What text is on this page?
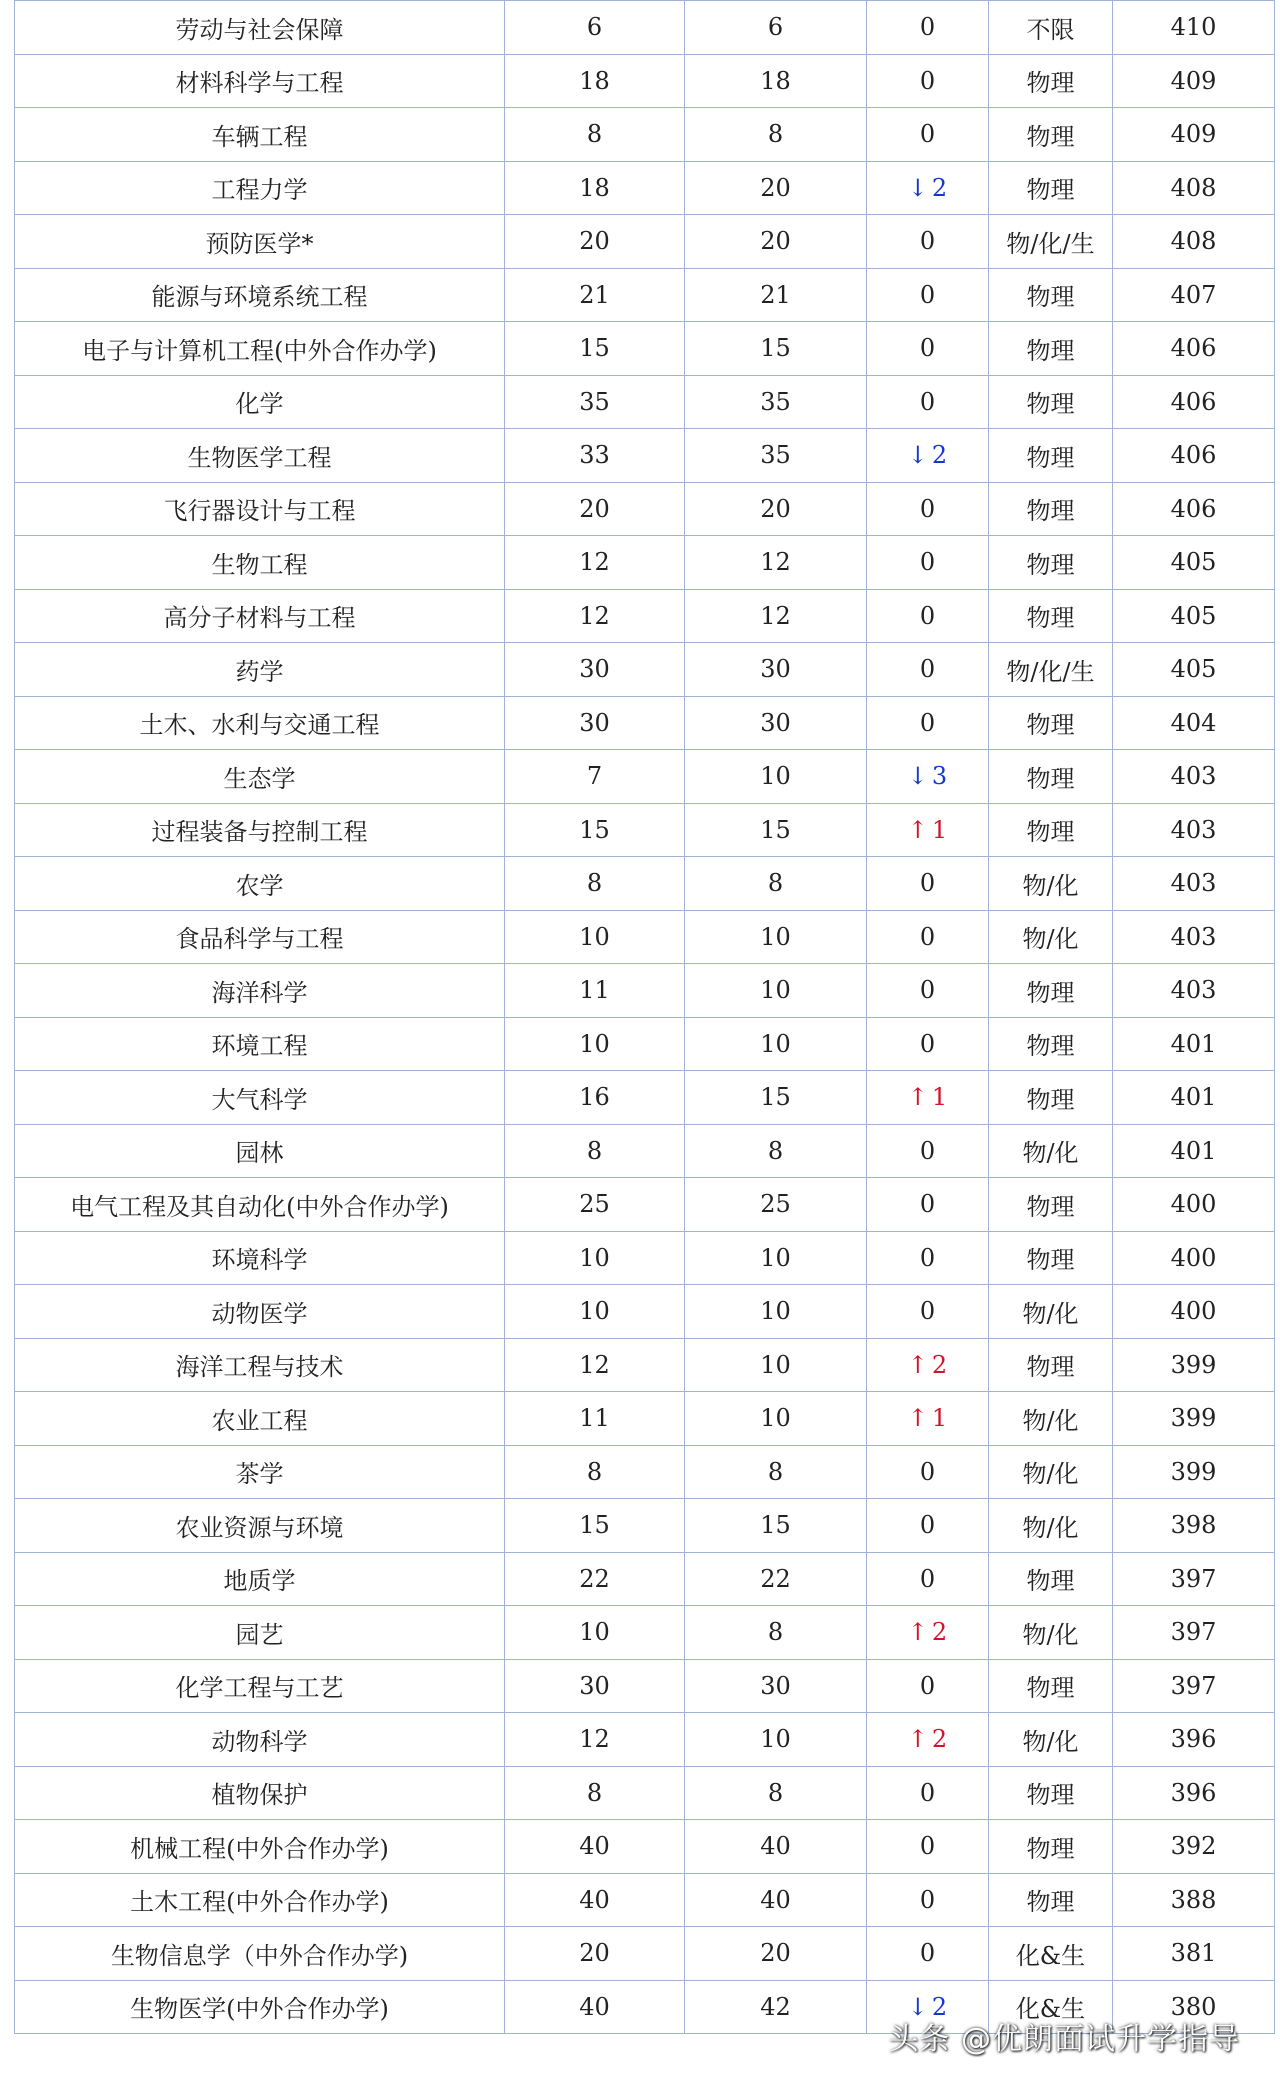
劳动与社会保障	6	6	0	不限	410
材料科学与工程	18	18	0	物理	409
车辆工程	8	8	0	物理	409
工程力学	18	20	↓ 2	物理	408
预防医学*	20	20	0	物/化/生	408
能源与环境系统工程	21	21	0	物理	407
电子与计算机工程(中外合作办学)	15	15	0	物理	406
化学	35	35	0	物理	406
生物医学工程	33	35	↓ 2	物理	406
飞行器设计与工程	20	20	0	物理	406
生物工程	12	12	0	物理	405
高分子材料与工程	12	12	0	物理	405
药学	30	30	0	物/化/生	405
土木、水利与交通工程	30	30	0	物理	404
生态学	7	10	↓ 3	物理	403
过程装备与控制工程	15	15	↑ 1	物理	403
农学	8	8	0	物/化	403
食品科学与工程	10	10	0	物/化	403
海洋科学	11	10	0	物理	403
环境工程	10	10	0	物理	401
大气科学	16	15	↑ 1	物理	401
园林	8	8	0	物/化	401
电气工程及其自动化(中外合作办学)	25	25	0	物理	400
环境科学	10	10	0	物理	400
动物医学	10	10	0	物/化	400
海洋工程与技术	12	10	↑ 2	物理	399
农业工程	11	10	↑ 1	物/化	399
茶学	8	8	0	物/化	399
农业资源与环境	15	15	0	物/化	398
地质学	22	22	0	物理	397
园艺	10	8	↑ 2	物/化	397
化学工程与工艺	30	30	0	物理	397
动物科学	12	10	↑ 2	物/化	396
植物保护	8	8	0	物理	396
机械工程(中外合作办学)	40	40	0	物理	392
土木工程(中外合作办学)	40	40	0	物理	388
生物信息学（中外合作办学)	20	20	0	化&生	381
生物医学(中外合作办学)	40	42	↓ 2	化&生	380
头条 @优朗面试升学指导
